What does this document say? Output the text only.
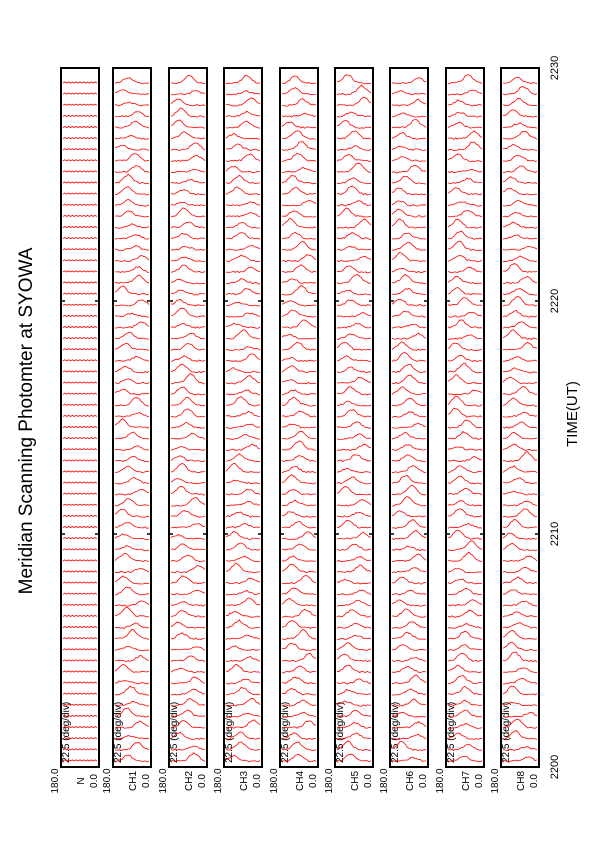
Meridian Scanning Photomter at SYOWA	TIME(UT)
180.0	0.0
N
22.5 (deg/div)
180.0	0.0
CH1
22.5 (deg/div)
180.0	0.0
CH2
22.5 (deg/div)
180.0	0.0
CH3
22.5 (deg/div)
180.0	0.0
CH4
22.5 (deg/div)
180.0	0.0
CH5
22.5 (deg/div)
180.0	0.0
CH6
22.5 (deg/div)
180.0	0.0
CH7
22.5 (deg/div)
180.0	0.0
CH8
22.5 (deg/div)
2200
2210
2220
2230
